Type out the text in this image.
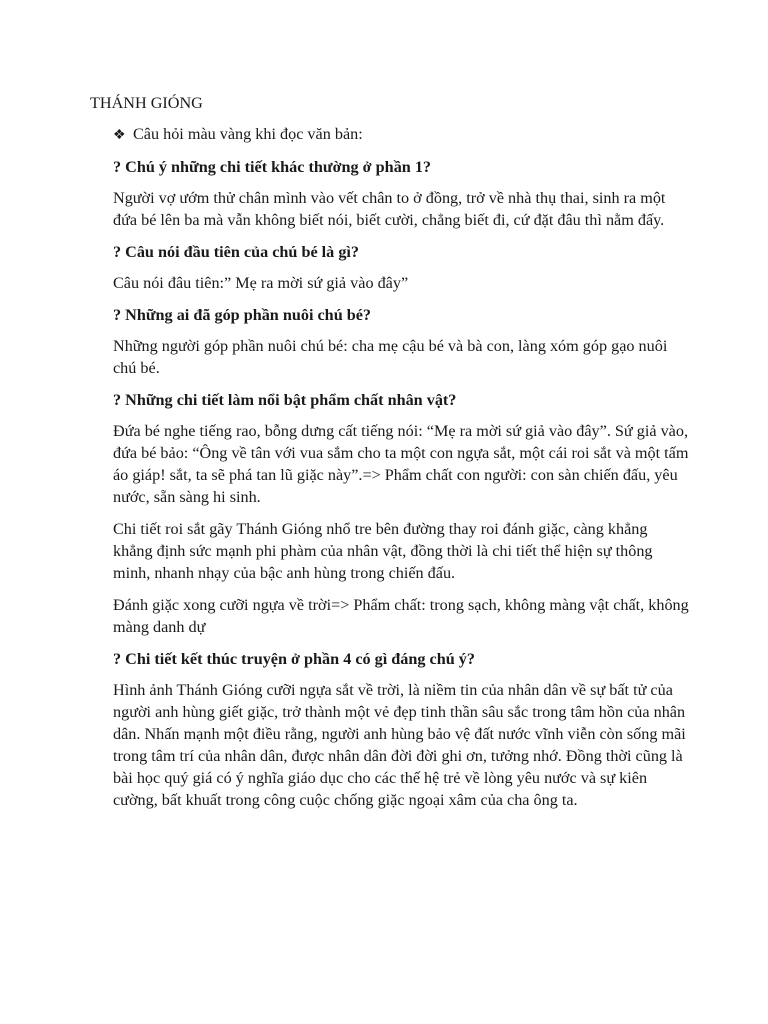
THÁNH GIÓNG
❖ Câu hỏi màu vàng khi đọc văn bản:
? Chú ý những chi tiết khác thường ở phần 1?
Người vợ ướm thử chân mình vào vết chân to ở đồng, trở về nhà thụ thai, sinh ra một đứa bé lên ba mà vẫn không biết nói, biết cười, chẳng biết đi, cứ đặt đâu thì nằm đấy.
? Câu nói đầu tiên của chú bé là gì?
Câu nói đâu tiên:” Mẹ ra mời sứ giả vào đây”
? Những ai đã góp phần nuôi chú bé?
Những người góp phần nuôi chú bé: cha mẹ cậu bé và bà con, làng xóm góp gạo nuôi chú bé.
? Những chi tiết làm nổi bật phẩm chất nhân vật?
Đứa bé nghe tiếng rao, bỗng dưng cất tiếng nói: “Mẹ ra mời sứ giả vào đây”. Sứ giả vào, đứa bé bảo: “Ông về tân với vua sắm cho ta một con ngựa sắt, một cái roi sắt và một tấm áo giáp! sắt, ta sẽ phá tan lũ giặc này”.=> Phẩm chất con người: con sàn chiến đấu, yêu nước, sẵn sàng hi sinh.
Chi tiết roi sắt gãy Thánh Gióng nhổ tre bên đường thay roi đánh giặc, càng khẳng khẳng định sức mạnh phi phàm của nhân vật, đồng thời là chi tiết thể hiện sự thông minh, nhanh nhạy của bậc anh hùng trong chiến đấu.
Đánh giặc xong cưỡi ngựa về trời=> Phẩm chất: trong sạch, không màng vật chất, không màng danh dự
? Chi tiết kết thúc truyện ở phần 4 có gì đáng chú ý?
Hình ảnh Thánh Gióng cưỡi ngựa sắt về trời, là niềm tin của nhân dân về sự bất tử của người anh hùng giết giặc, trở thành một vẻ đẹp tinh thần sâu sắc trong tâm hồn của nhân dân. Nhấn mạnh một điều rằng, người anh hùng bảo vệ đất nước vĩnh viễn còn sống mãi trong tâm trí của nhân dân, được nhân dân đời đời ghi ơn, tưởng nhớ. Đồng thời cũng là bài học quý giá có ý nghĩa giáo dục cho các thế hệ trẻ về lòng yêu nước và sự kiên cường, bất khuất trong công cuộc chống giặc ngoại xâm của cha ông ta.
